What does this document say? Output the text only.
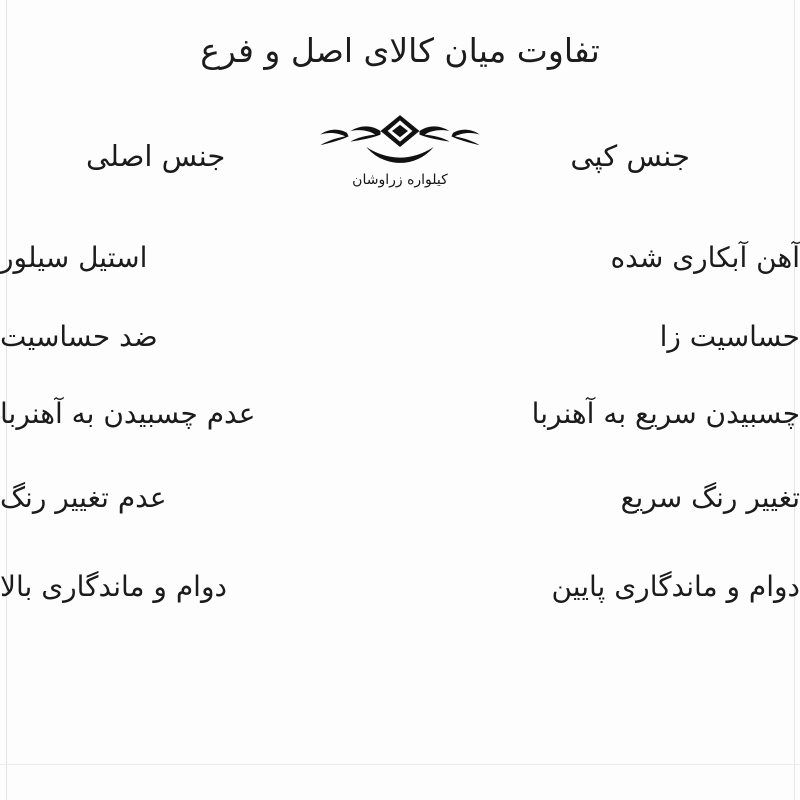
تفاوت میان کالای اصل و فرع
کیلواره زراوشان
جنس کپی	جنس اصلی
آهن آبکاری شده	استیل سیلور
حساسیت زا	ضد حساسیت
چسبیدن سریع به آهنربا	عدم چسبیدن به آهنربا
تغییر رنگ سریع	عدم تغییر رنگ
دوام و ماندگاری پایین	دوام و ماندگاری بالا
